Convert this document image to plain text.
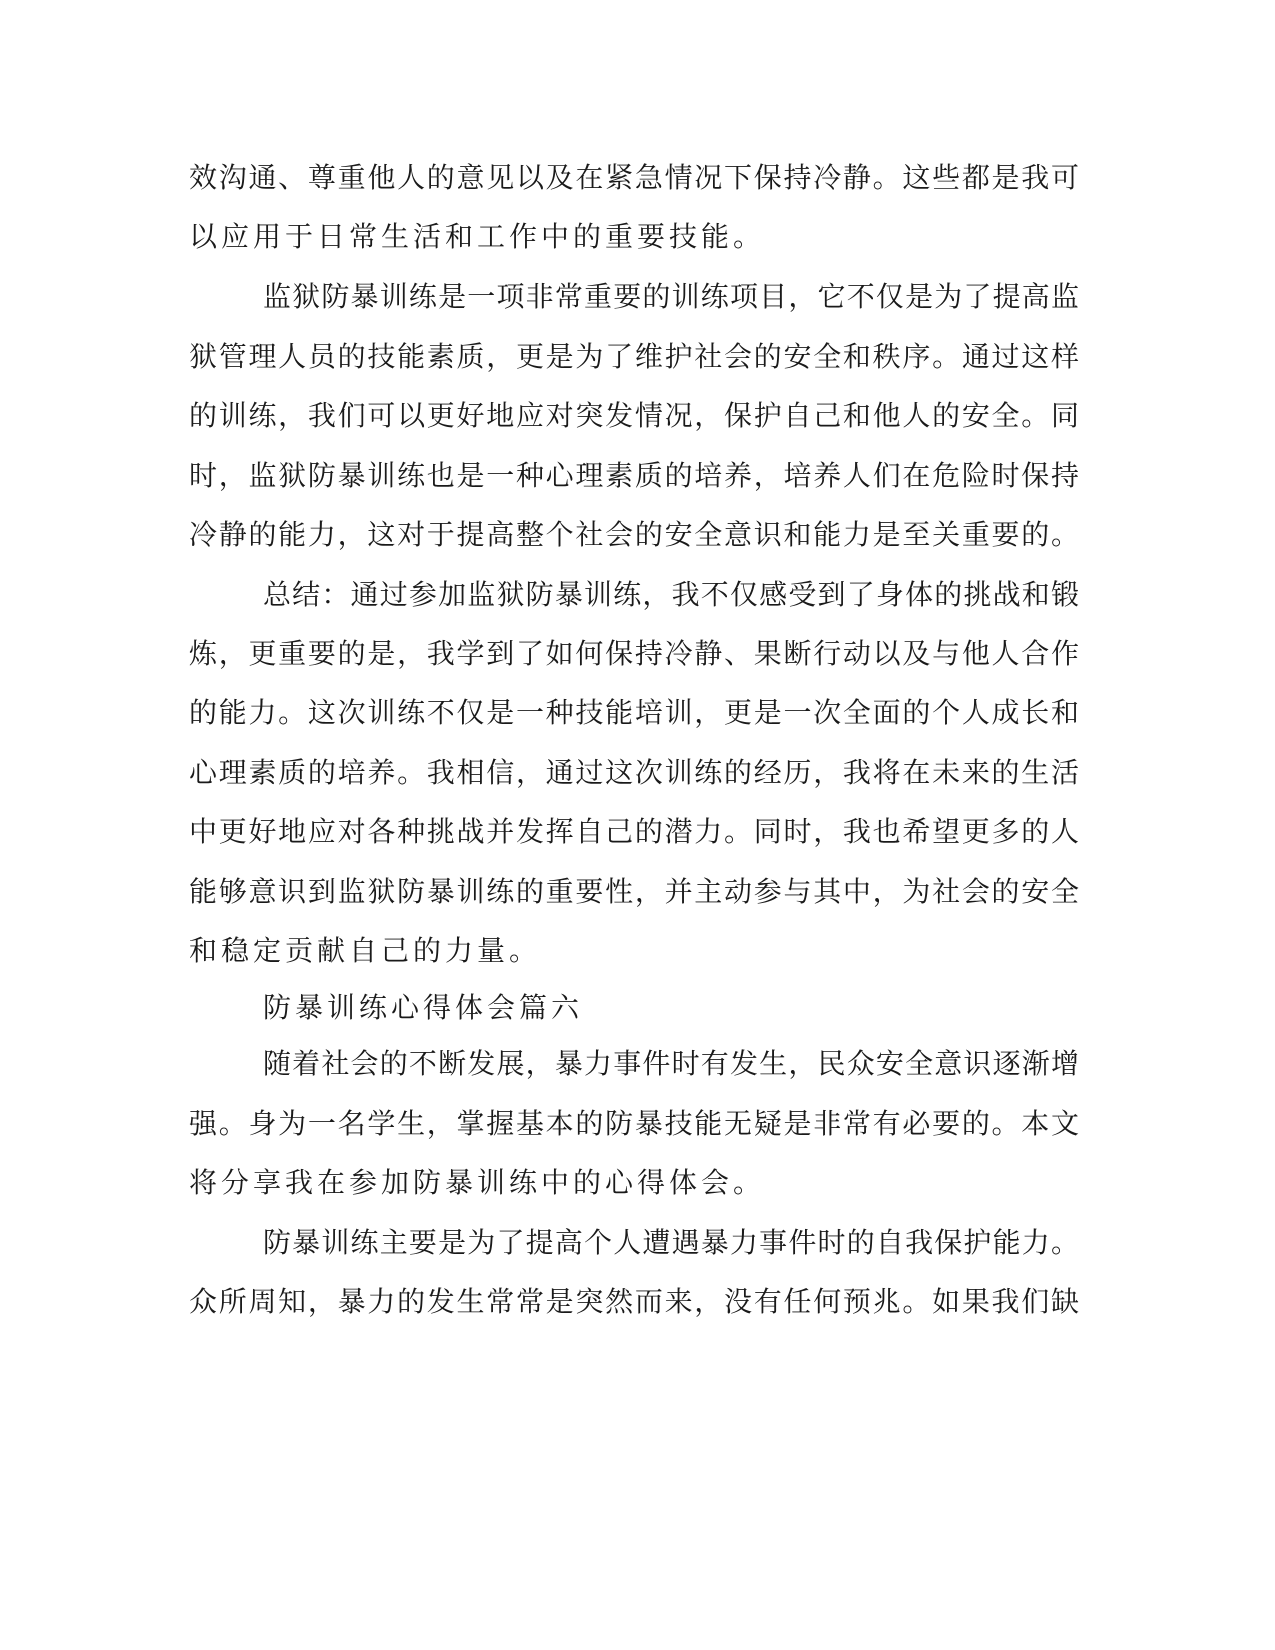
效沟通、尊重他人的意见以及在紧急情况下保持冷静。这些都是我可
以应用于日常生活和工作中的重要技能。
监狱防暴训练是一项非常重要的训练项目，它不仅是为了提高监
狱管理人员的技能素质，更是为了维护社会的安全和秩序。通过这样
的训练，我们可以更好地应对突发情况，保护自己和他人的安全。同
时，监狱防暴训练也是一种心理素质的培养，培养人们在危险时保持
冷静的能力，这对于提高整个社会的安全意识和能力是至关重要的。
总结：通过参加监狱防暴训练，我不仅感受到了身体的挑战和锻
炼，更重要的是，我学到了如何保持冷静、果断行动以及与他人合作
的能力。这次训练不仅是一种技能培训，更是一次全面的个人成长和
心理素质的培养。我相信，通过这次训练的经历，我将在未来的生活
中更好地应对各种挑战并发挥自己的潜力。同时，我也希望更多的人
能够意识到监狱防暴训练的重要性，并主动参与其中，为社会的安全
和稳定贡献自己的力量。
防暴训练心得体会篇六
随着社会的不断发展，暴力事件时有发生，民众安全意识逐渐增
强。身为一名学生，掌握基本的防暴技能无疑是非常有必要的。本文
将分享我在参加防暴训练中的心得体会。
防暴训练主要是为了提高个人遭遇暴力事件时的自我保护能力。
众所周知，暴力的发生常常是突然而来，没有任何预兆。如果我们缺
